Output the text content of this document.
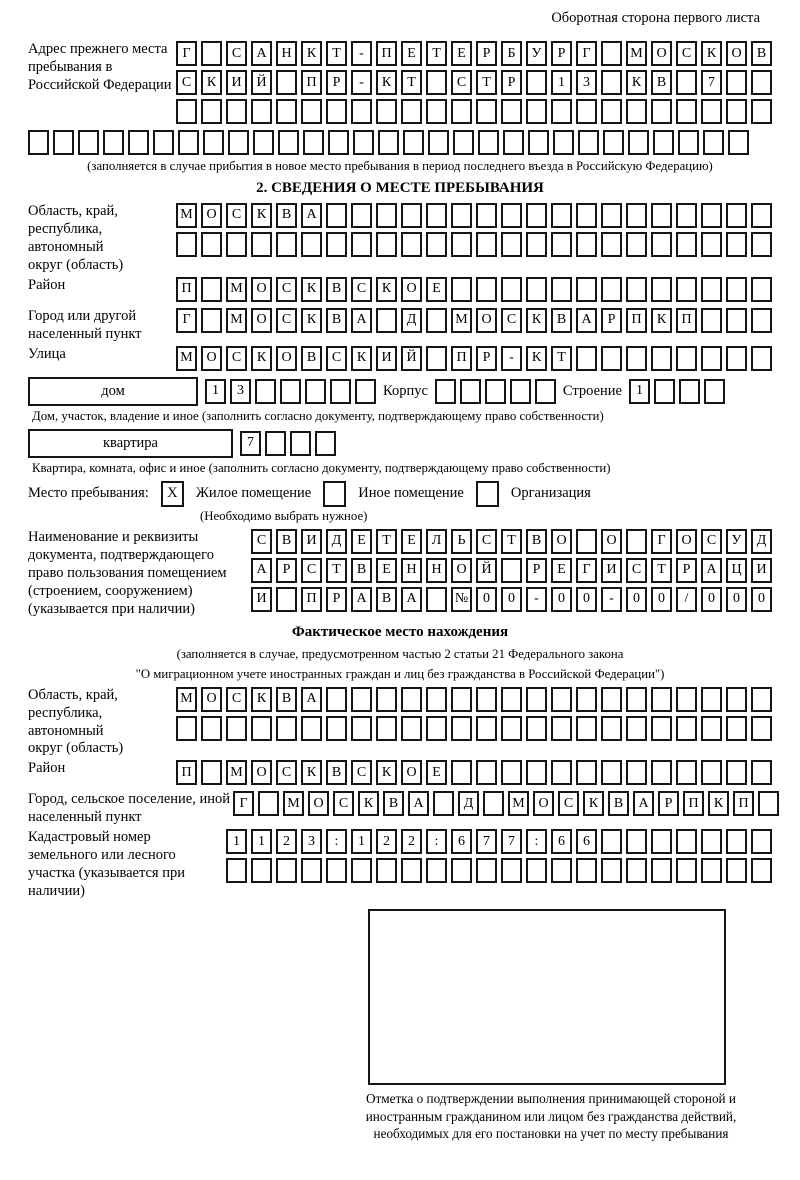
Оборотная сторона первого листа
Адрес прежнего места пребывания в Российской Федерации
Г	С	А	Н	К	Т	-	П	Е	Т	Е	Р	Б	У	Р	Г	М О	С	К	О	В
С	К	И	Й	П	Р	-	К	Т	С	Т	Р	1	3	К	В	7
(заполняется в случае прибытия в новое место пребывания в период последнего въезда в Российскую Федерацию)
2. СВЕДЕНИЯ О МЕСТЕ ПРЕБЫВАНИЯ
Область, край, республика, автономный округ (область)
М О	С	К	В	А
Район	П	М О	С	К	В	С	К	О	Е
Город или другой населенный пункт
Г	М О	С	К	В	А	Д	М О	С	К	В	А	Р	П	К	П
Улица	М О	С	К	О	В	С	К	И	Й	П	Р	-	К	Т
дом	1	3	Корпус	Строение	1
Дом, участок, владение и иное (заполнить согласно документу, подтверждающему право собственности)
квартира	7
Квартира, комната, офис и иное (заполнить согласно документу, подтверждающему право собственности)
Место пребывания:	X	Жилое помещение	Иное помещение	Организация
(Необходимо выбрать нужное)
Наименование и реквизиты документа, подтверждающего право пользования помещением (строением, сооружением) (указывается при наличии)
С	В	И	Д	Е	Т	Е	Л	Ь	С	Т	В	О	О	Г	О	С	У	Д
А	Р	С	Т	В	Е	Н	Н	О	Й	Р	Е	Г	И	С	Т	Р	А	Ц	И
И	П	Р	А	В	А	№	0	0	-	0	0	-	0	0	/	0	0	0
Фактическое место нахождения
(заполняется в случае, предусмотренном частью 2 статьи 21 Федерального закона
"О миграционном учете иностранных граждан и лиц без гражданства в Российской Федерации")
Область, край, республика, автономный округ (область)
М О	С	К	В	А
Район	П	М О	С	К	В	С	К	О	Е
Город, сельское поселение, иной населенный пункт
Г	М О	С	К	В	А	Д	М О	С	К	В	А	Р	П	К	П
Кадастровый номер земельного или лесного участка (указывается при наличии)
1	1	2	3	:	1	2	2	:	6	7	7	:	6	6
Отметка о подтверждении выполнения принимающей стороной и иностранным гражданином или лицом без гражданства действий, необходимых для его постановки на учет по месту пребывания
